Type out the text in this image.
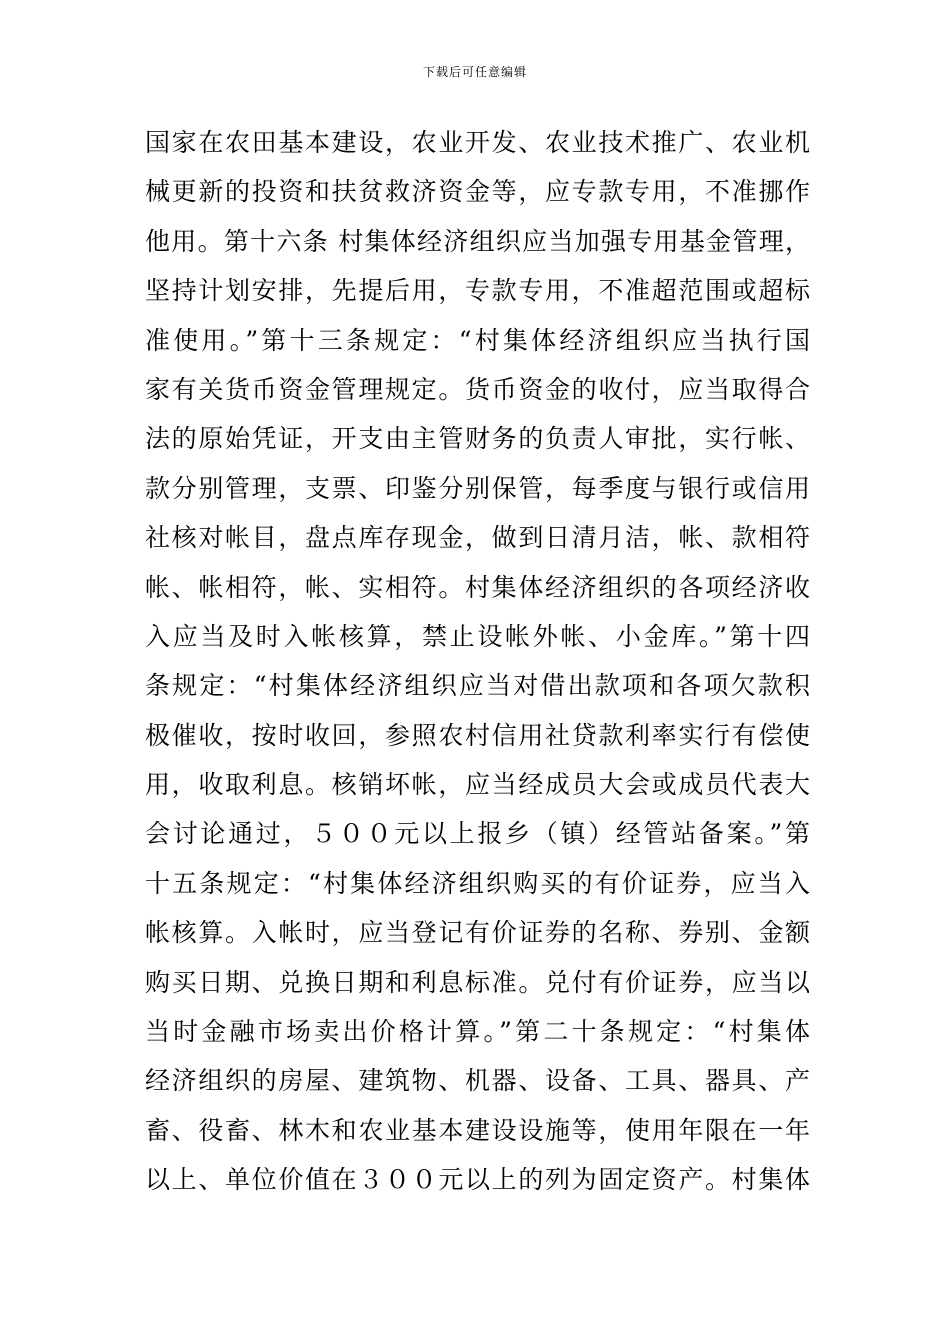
下载后可任意编辑
国家在农田基本建设，农业开发、农业技术推广、农业机
械更新的投资和扶贫救济资金等，应专款专用，不准挪作
他用。第十六条 村集体经济组织应当加强专用基金管理，
坚持计划安排，先提后用，专款专用，不准超范围或超标
准使用。”第十三条规定：“村集体经济组织应当执行国
家有关货币资金管理规定。货币资金的收付，应当取得合
法的原始凭证，开支由主管财务的负责人审批，实行帐、
款分别管理，支票、印鉴分别保管，每季度与银行或信用
社核对帐目，盘点库存现金，做到日清月洁，帐、款相符
帐、帐相符，帐、实相符。村集体经济组织的各项经济收
入应当及时入帐核算，禁止设帐外帐、小金库。”第十四
条规定：“村集体经济组织应当对借出款项和各项欠款积
极催收，按时收回，参照农村信用社贷款利率实行有偿使
用，收取利息。核销坏帐，应当经成员大会或成员代表大
会讨论通过，５００元以上报乡（镇）经管站备案。”第
十五条规定：“村集体经济组织购买的有价证券，应当入
帐核算。入帐时，应当登记有价证券的名称、券别、金额
购买日期、兑换日期和利息标准。兑付有价证券，应当以
当时金融市场卖出价格计算。”第二十条规定：“村集体
经济组织的房屋、建筑物、机器、设备、工具、器具、产
畜、役畜、林木和农业基本建设设施等，使用年限在一年
以上、单位价值在３００元以上的列为固定资产。村集体
